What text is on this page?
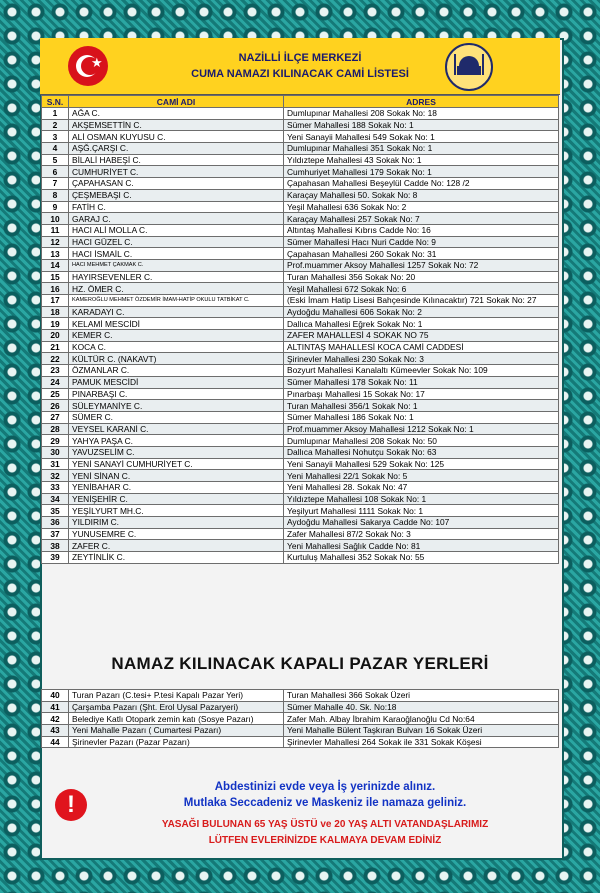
★	NAZİLLİ İLÇE MERKEZİ
CUMA NAMAZI KILINACAK CAMİ LİSTESİ
S.N.	CAMİ ADI	ADRES
1	AĞA C.	Dumlupınar Mahallesi 208 Sokak No: 18
2	AKŞEMSETTİN C.	Sümer Mahallesi 188 Sokak No: 1
3	ALİ OSMAN KUYUSU C.	Yeni Sanayii Mahallesi 549 Sokak No: 1
4	AŞĞ.ÇARŞI C.	Dumlupınar Mahallesi 351 Sokak No: 1
5	BİLALİ HABEŞİ C.	Yıldıztepe Mahallesi 43 Sokak No: 1
6	CUMHURİYET C.	Cumhuriyet Mahallesi 179 Sokak No: 1
7	ÇAPAHASAN C.	Çapahasan Mahallesi Beşeylül Cadde No: 128 /2
8	ÇEŞMEBAŞI C.	Karaçay Mahallesi 50. Sokak No: 8
9	FATİH C.	Yeşil Mahallesi 636 Sokak No: 2
10	GARAJ C.	Karaçay Mahallesi 257 Sokak No: 7
11	HACI ALİ MOLLA C.	Altıntaş Mahallesi Kıbrıs Cadde No: 16
12	HACI GÜZEL C.	Sümer Mahallesi Hacı Nuri Cadde No: 9
13	HACI İSMAİL C.	Çapahasan Mahallesi 260 Sokak No: 31
14	HACI MEHMET ÇAKMAK C.	Prof.muammer Aksoy Mahallesi 1257 Sokak No: 72
15	HAYIRSEVENLER C.	Turan Mahallesi 356 Sokak No: 20
16	HZ. ÖMER C.	Yeşil Mahallesi 672 Sokak No: 6
17	KAMEROĞLU MEHMET ÖZDEMİR İMAM-HATİP OKULU TATBİKAT C.	(Eski İmam Hatip Lisesi Bahçesinde Kılınacaktır) 721 Sokak No: 27
18	KARADAYI C.	Aydoğdu Mahallesi 606 Sokak No: 2
19	KELAMİ MESCİDİ	Dallıca Mahallesi Eğrek Sokak No: 1
20	KEMER C.	ZAFER MAHALLESİ 4 SOKAK NO 75
21	KOCA C.	ALTINTAŞ MAHALLESİ KOCA CAMİ CADDESİ
22	KÜLTÜR C. (NAKAVT)	Şirinevler Mahallesi 230 Sokak No: 3
23	ÖZMANLAR C.	Bozyurt Mahallesi Kanalaltı Kümeevler Sokak No: 109
24	PAMUK MESCİDİ	Sümer Mahallesi 178 Sokak No: 11
25	PINARBAŞI C.	Pınarbaşı Mahallesi 15 Sokak No: 17
26	SÜLEYMANİYE C.	Turan Mahallesi 356/1 Sokak No: 1
27	SÜMER C.	Sümer Mahallesi 186 Sokak No: 1
28	VEYSEL KARANİ C.	Prof.muammer Aksoy Mahallesi 1212 Sokak No: 1
29	YAHYA PAŞA C.	Dumlupınar Mahallesi 208 Sokak No: 50
30	YAVUZSELİM C.	Dallıca Mahallesi Nohutçu Sokak No: 63
31	YENİ SANAYİ CUMHURİYET C.	Yeni Sanayii Mahallesi 529 Sokak No: 125
32	YENİ SİNAN C.	Yeni Mahallesi 22/1 Sokak No: 5
33	YENİBAHAR C.	Yeni Mahallesi 28. Sokak No: 47
34	YENİŞEHİR C.	Yıldıztepe Mahallesi 108 Sokak No: 1
35	YEŞİLYURT MH.C.	Yeşilyurt Mahallesi 1111 Sokak No: 1
36	YILDIRIM C.	Aydoğdu Mahallesi Sakarya Cadde No: 107
37	YUNUSEMRE C.	Zafer Mahallesi 87/2 Sokak No: 3
38	ZAFER C.	Yeni Mahallesi Sağlık Cadde No: 81
39	ZEYTİNLİK C.	Kurtuluş Mahallesi 352 Sokak No: 55
NAMAZ KILINACAK KAPALI PAZAR YERLERİ
40	Turan Pazarı (C.tesi+ P.tesi Kapalı Pazar Yeri)	Turan Mahallesi 366 Sokak Üzeri
41	Çarşamba Pazarı (Şht. Erol Uysal Pazaryeri)	Sümer Mahalle 40. Sk. No:18
42	Belediye Katlı Otopark zemin katı (Sosye Pazarı)	Zafer Mah. Albay İbrahim Karaoğlanoğlu Cd No:64
43	Yeni Mahalle Pazarı ( Cumartesi Pazarı)	Yeni Mahalle Bülent Taşkıran Bulvarı 16 Sokak Üzeri
44	Şirinevler Pazarı (Pazar Pazarı)	Şirinevler Mahallesi 264 Sokak ile 331 Sokak Köşesi
!
Abdestinizi evde veya İş yerinizde alınız.
Mutlaka Seccadeniz ve Maskeniz ile namaza geliniz.
YASAĞI BULUNAN 65 YAŞ ÜSTÜ ve 20 YAŞ ALTI VATANDAŞLARIMIZ
LÜTFEN EVLERİNİZDE KALMAYA DEVAM EDİNİZ
